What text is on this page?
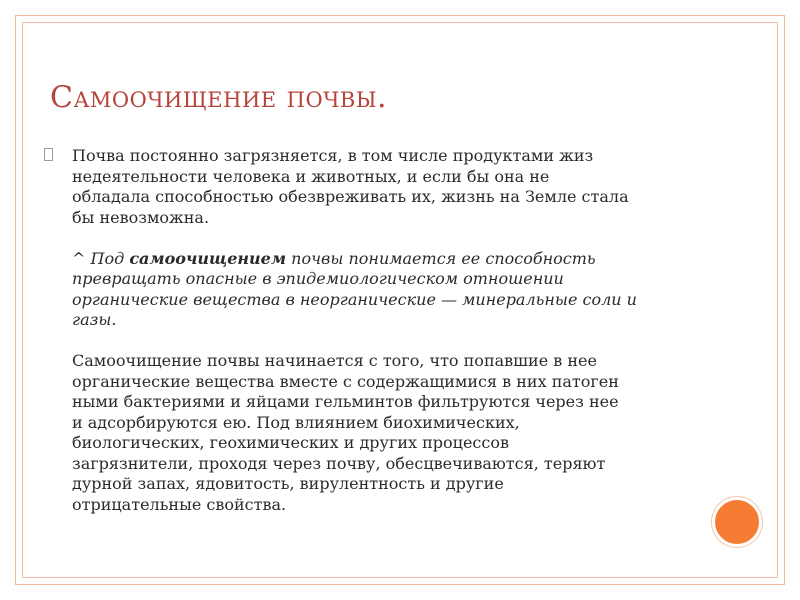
Самоочищение почвы.

Почва постоянно загрязняется, в том числе продуктами жиз
недеятельности человека и животных, и если бы она не
обладала способностью обезвреживать их, жизнь на Земле стала
бы невозможна.

^ Под самоочищением почвы понимается ее способность
превращать опасные в эпидемиологическом отношении
органические вещества в неорганические — минеральные соли и
газы.

Самоочищение почвы начинается с того, что попавшие в нее
органические вещества вместе с содержащимися в них патоген
ными бактериями и яйцами гельминтов фильтруются через нее
и адсорбируются ею. Под влиянием биохимических,
биологических, геохимических и других процессов
загрязнители, проходя через почву, обесцвечиваются, теряют
дурной запах, ядовитость, вирулентность и другие
отрицательные свойства.
